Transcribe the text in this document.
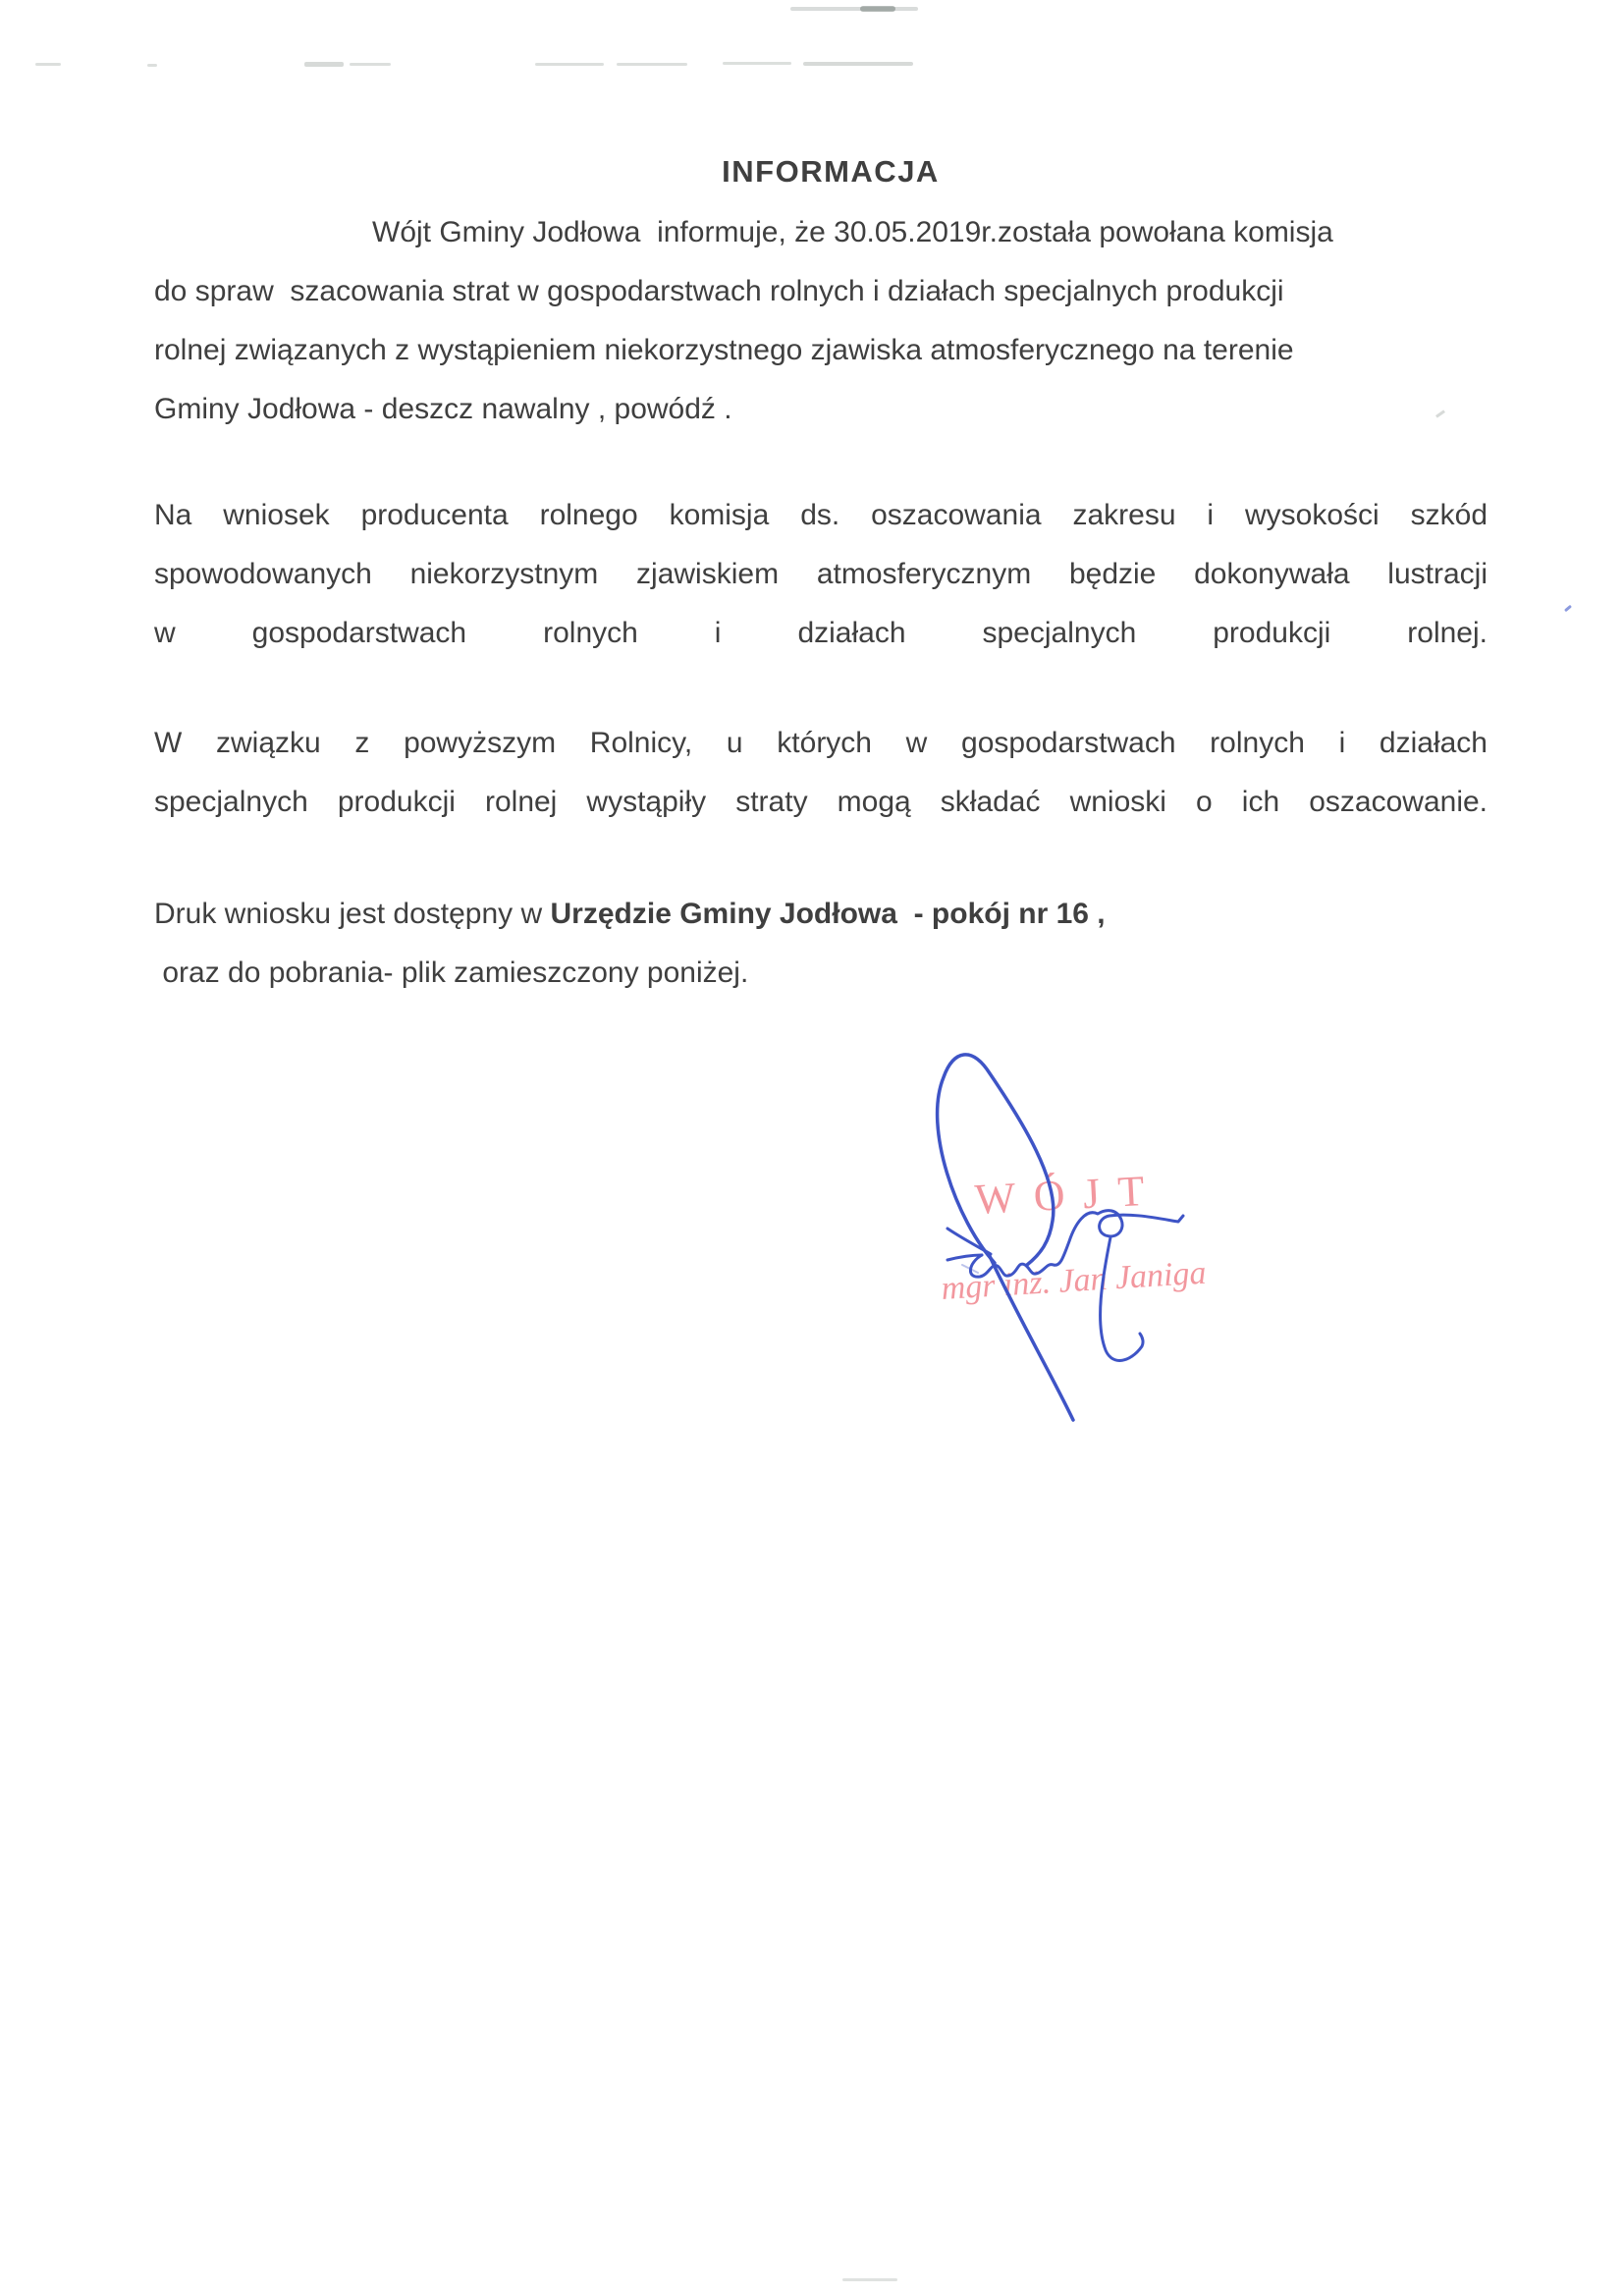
INFORMACJA
Wójt Gminy Jodłowa  informuje, że 30.05.2019r.została powołana komisja
do spraw  szacowania strat w gospodarstwach rolnych i działach specjalnych produkcji
rolnej związanych z wystąpieniem niekorzystnego zjawiska atmosferycznego na terenie
Gminy Jodłowa - deszcz nawalny , powódź .
Na wniosek producenta rolnego komisja ds. oszacowania zakresu i wysokości szkód
spowodowanych niekorzystnym zjawiskiem atmosferycznym będzie dokonywała lustracji
w gospodarstwach rolnych i działach specjalnych produkcji rolnej.
W związku z powyższym Rolnicy, u których w gospodarstwach rolnych i działach
specjalnych produkcji rolnej wystąpiły straty mogą składać wnioski o ich oszacowanie.
Druk wniosku jest dostępny w Urzędzie Gminy Jodłowa  - pokój nr 16 ,
oraz do pobrania- plik zamieszczony poniżej.
WÓJT
mgr inż. Jan Janiga
